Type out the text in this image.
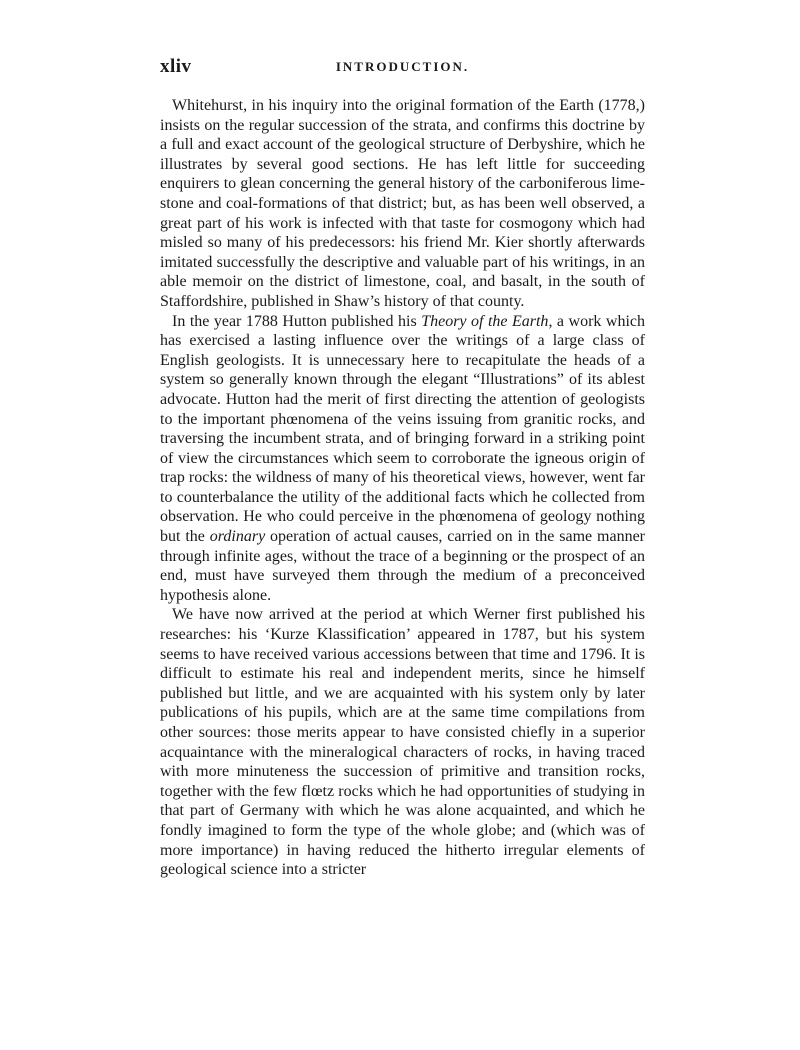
xliv	INTRODUCTION.

Whitehurst, in his inquiry into the original formation of the Earth (1778,) insists on the regular succession of the strata, and confirms this doctrine by a full and exact account of the geological structure of Derbyshire, which he illustrates by several good sections. He has left little for succeeding enquirers to glean concerning the general history of the carboniferous limestone and coal-formations of that district; but, as has been well observed, a great part of his work is infected with that taste for cosmogony which had misled so many of his predecessors: his friend Mr. Kier shortly afterwards imitated successfully the descriptive and valuable part of his writings, in an able memoir on the district of limestone, coal, and basalt, in the south of Staffordshire, published in Shaw’s history of that county.

In the year 1788 Hutton published his Theory of the Earth, a work which has exercised a lasting influence over the writings of a large class of English geologists. It is unnecessary here to recapitulate the heads of a system so generally known through the elegant “Illustrations” of its ablest advocate. Hutton had the merit of first directing the attention of geologists to the important phœnomena of the veins issuing from granitic rocks, and traversing the incumbent strata, and of bringing forward in a striking point of view the circumstances which seem to corroborate the igneous origin of trap rocks: the wildness of many of his theoretical views, however, went far to counterbalance the utility of the additional facts which he collected from observation. He who could perceive in the phœnomena of geology nothing but the ordinary operation of actual causes, carried on in the same manner through infinite ages, without the trace of a beginning or the prospect of an end, must have surveyed them through the medium of a preconceived hypothesis alone.

We have now arrived at the period at which Werner first published his researches: his ‘Kurze Klassification’ appeared in 1787, but his system seems to have received various accessions between that time and 1796. It is difficult to estimate his real and independent merits, since he himself published but little, and we are acquainted with his system only by later publications of his pupils, which are at the same time compilations from other sources: those merits appear to have consisted chiefly in a superior acquaintance with the mineralogical characters of rocks, in having traced with more minuteness the succession of primitive and transition rocks, together with the few flœtz rocks which he had opportunities of studying in that part of Germany with which he was alone acquainted, and which he fondly imagined to form the type of the whole globe; and (which was of more importance) in having reduced the hitherto irregular elements of geological science into a stricter
